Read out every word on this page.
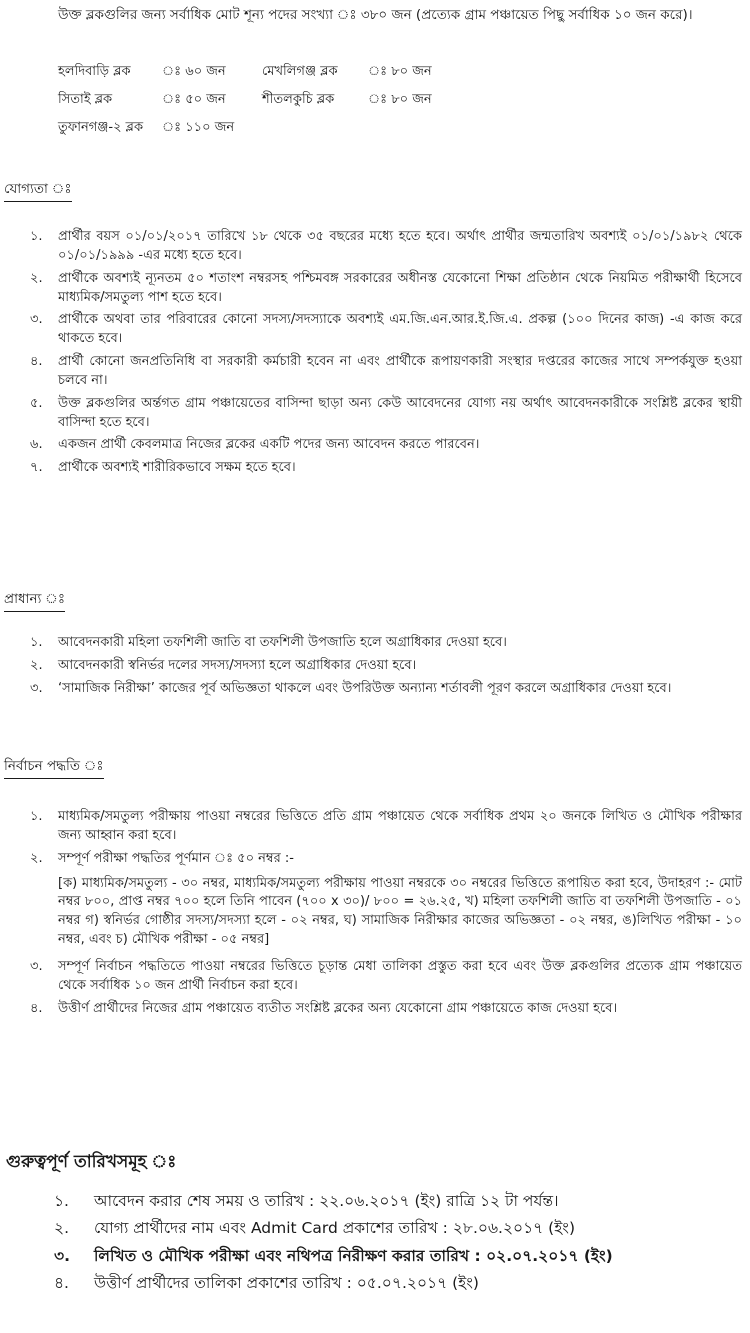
উক্ত ব্লকগুলির জন্য সর্বাধিক মোট শূন্য পদের সংখ্যা ঃ ৩৮০ জন (প্রত্যেক গ্রাম পঞ্চায়েত পিছু সর্বাধিক ১০ জন করে)।
হলদিবাড়ি ব্লক	ঃ ৬০ জন	মেখলিগঞ্জ ব্লক	ঃ ৮০ জন
সিতাই ব্লক	ঃ ৫০ জন	শীতলকুচি ব্লক	ঃ ৮০ জন
তুফানগঞ্জ-২ ব্লক	ঃ ১১০ জন
যোগ্যতা ঃ
১.	প্রার্থীর বয়স ০১/০১/২০১৭ তারিখে ১৮ থেকে ৩৫ বছরের মধ্যে হতে হবে। অর্থাৎ প্রার্থীর জন্মতারিখ অবশ্যই ০১/০১/১৯৮২ থেকে ০১/০১/১৯৯৯ -এর মধ্যে হতে হবে।
২.	প্রার্থীকে অবশ্যই ন্যূনতম ৫০ শতাংশ নম্বরসহ পশ্চিমবঙ্গ সরকারের অধীনস্ত যেকোনো শিক্ষা প্রতিষ্ঠান থেকে নিয়মিত পরীক্ষার্থী হিসেবে মাধ্যমিক/সমতুল্য পাশ হতে হবে।
৩.	প্রার্থীকে অথবা তার পরিবারের কোনো সদস্য/সদস্যাকে অবশ্যই এম.জি.এন.আর.ই.জি.এ. প্রকল্প (১০০ দিনের কাজ) -এ কাজ করে থাকতে হবে।
৪.	প্রার্থী কোনো জনপ্রতিনিধি বা সরকারী কর্মচারী হবেন না এবং প্রার্থীকে রূপায়ণকারী সংস্থার দপ্তরের কাজের সাথে সম্পর্কযুক্ত হওয়া চলবে না।
৫.	উক্ত ব্লকগুলির অর্ন্তগত গ্রাম পঞ্চায়েতের বাসিন্দা ছাড়া অন্য কেউ আবেদনের যোগ্য নয় অর্থাৎ আবেদনকারীকে সংশ্লিষ্ট ব্লকের স্থায়ী বাসিন্দা হতে হবে।
৬.	একজন প্রার্থী কেবলমাত্র নিজের ব্লকের একটি পদের জন্য আবেদন করতে পারবেন।
৭.	প্রার্থীকে অবশ্যই শারীরিকভাবে সক্ষম হতে হবে।
প্রাধান্য ঃ
১.	আবেদনকারী মহিলা তফশিলী জাতি বা তফশিলী উপজাতি হলে অগ্রাধিকার দেওয়া হবে।
২.	আবেদনকারী স্বনির্ভর দলের সদস্য/সদস্যা হলে অগ্রাধিকার দেওয়া হবে।
৩.	‘সামাজিক নিরীক্ষা’ কাজের পূর্ব অভিজ্ঞতা থাকলে এবং উপরিউক্ত অন্যান্য শর্তাবলী পূরণ করলে অগ্রাধিকার দেওয়া হবে।
নির্বাচন পদ্ধতি ঃ
১.	মাধ্যমিক/সমতুল্য পরীক্ষায় পাওয়া নম্বরের ভিত্তিতে প্রতি গ্রাম পঞ্চায়েত থেকে সর্বাধিক প্রথম ২০ জনকে লিখিত ও মৌখিক পরীক্ষার জন্য আহ্বান করা হবে।
২.	সম্পূর্ণ পরীক্ষা পদ্ধতির পূর্ণমান ঃ ৫০ নম্বর :-
[ক) মাধ্যমিক/সমতুল্য - ৩০ নম্বর, মাধ্যমিক/সমতুল্য পরীক্ষায় পাওয়া নম্বরকে ৩০ নম্বরের ভিত্তিতে রূপায়িত করা হবে, উদাহরণ :- মোট নম্বর ৮০০, প্রাপ্ত নম্বর ৭০০ হলে তিনি পাবেন (৭০০ x ৩০)/ ৮০০ = ২৬.২৫, খ) মহিলা তফশিলী জাতি বা তফশিলী উপজাতি - ০১ নম্বর গ) স্বনির্ভর গোষ্ঠীর সদস্য/সদস্যা হলে - ০২ নম্বর, ঘ) সামাজিক নিরীক্ষার কাজের অভিজ্ঞতা - ০২ নম্বর, ঙ)লিখিত পরীক্ষা - ১০ নম্বর, এবং চ) মৌখিক পরীক্ষা - ০৫ নম্বর]
৩.	সম্পূর্ণ নির্বাচন পদ্ধতিতে পাওয়া নম্বরের ভিত্তিতে চূড়ান্ত মেধা তালিকা প্রস্তুত করা হবে এবং উক্ত ব্লকগুলির প্রত্যেক গ্রাম পঞ্চায়েত থেকে সর্বাধিক ১০ জন প্রার্থী নির্বাচন করা হবে।
৪.	উত্তীর্ণ প্রার্থীদের নিজের গ্রাম পঞ্চায়েত ব্যতীত সংশ্লিষ্ট ব্লকের অন্য যেকোনো গ্রাম পঞ্চায়েতে কাজ দেওয়া হবে।
গুরুত্বপূর্ণ তারিখসমূহ ঃ
১.	আবেদন করার শেষ সময় ও তারিখ : ২২.০৬.২০১৭ (ইং) রাত্রি ১২ টা পর্যন্ত।
২.	যোগ্য প্রার্থীদের নাম এবং Admit Card প্রকাশের তারিখ : ২৮.০৬.২০১৭ (ইং)
৩.	লিখিত ও মৌখিক পরীক্ষা এবং নথিপত্র নিরীক্ষণ করার তারিখ : ০২.০৭.২০১৭ (ইং)
৪.	উত্তীর্ণ প্রার্থীদের তালিকা প্রকাশের তারিখ : ০৫.০৭.২০১৭ (ইং)
